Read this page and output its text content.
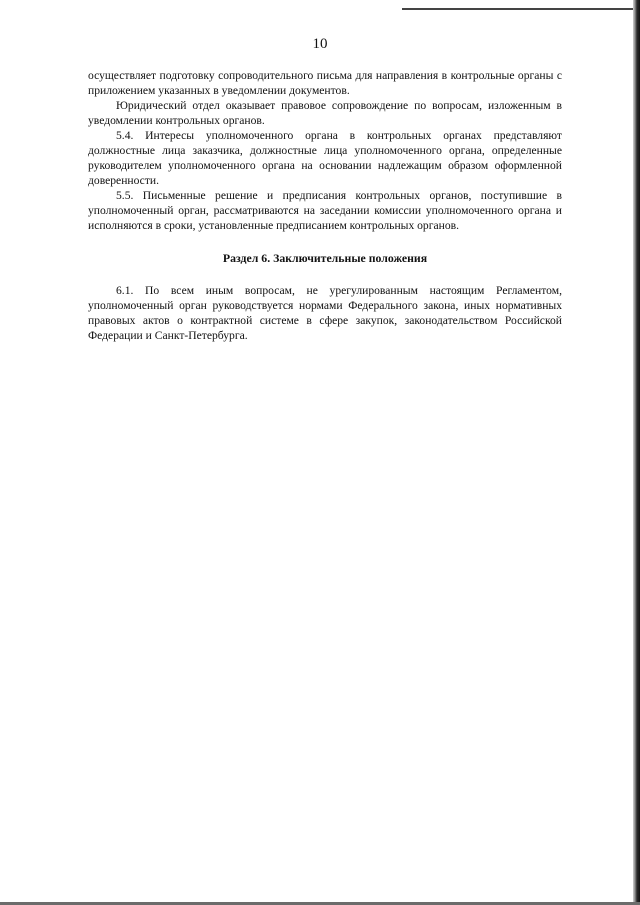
10

осуществляет подготовку сопроводительного письма для направления в контрольные органы с приложением указанных в уведомлении документов.

Юридический отдел оказывает правовое сопровождение по вопросам, изложенным в уведомлении контрольных органов.

5.4. Интересы уполномоченного органа в контрольных органах представляют должностные лица заказчика, должностные лица уполномоченного органа, определенные руководителем уполномоченного органа на основании надлежащим образом оформленной доверенности.

5.5. Письменные решение и предписания контрольных органов, поступившие в уполномоченный орган, рассматриваются на заседании комиссии уполномоченного органа и исполняются в сроки, установленные предписанием контрольных органов.

Раздел 6. Заключительные положения

6.1. По всем иным вопросам, не урегулированным настоящим Регламентом, уполномоченный орган руководствуется нормами Федерального закона, иных нормативных правовых актов о контрактной системе в сфере закупок, законодательством Российской Федерации и Санкт-Петербурга.
